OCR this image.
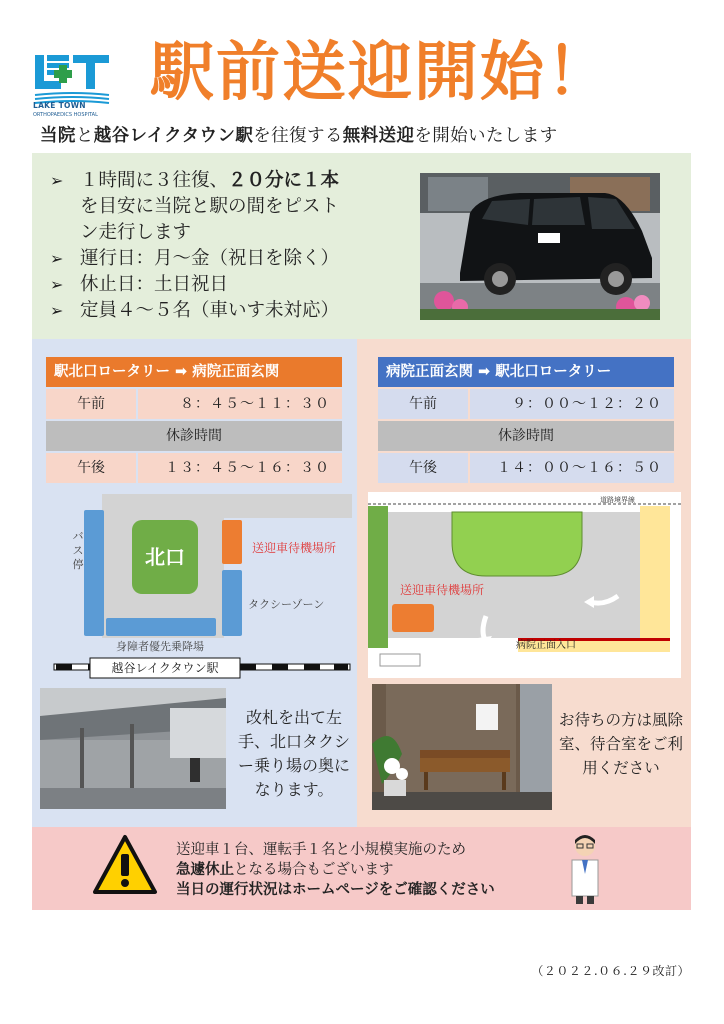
LAKE TOWN
ORTHOPAEDICS HOSPITAL
駅前送迎開始！
当院と越谷レイクタウン駅を往復する無料送迎を開始いたします
➢ １時間に３往復、２０分に１本
を目安に当院と駅の間をピスト
ン走行します
➢ 運行日：月～金（祝日を除く）
➢ 休止日：土日祝日
➢ 定員４～５名（車いす未対応）
駅北口ロータリー ➡ 病院正面玄関
午前	８：４５～１１：３０
休診時間
午後	１３：４５～１６：３０
病院正面玄関 ➡ 駅北口ロータリー
午前	９：００～１２：２０
休診時間
午後	１４：００～１６：５０
北口
バス停
送迎車待機場所
タクシーゾーン
身障者優先乗降場
越谷レイクタウン駅
道路境界線
送迎車待機場所
病院正面入口
改札を出て左手、北口タクシー乗り場の奥になります。
お待ちの方は風除室、待合室をご利用ください
送迎車１台、運転手１名と小規模実施のため
急遽休止となる場合もございます
当日の運行状況はホームページをご確認ください
（２０２２.０６.２９改訂）
